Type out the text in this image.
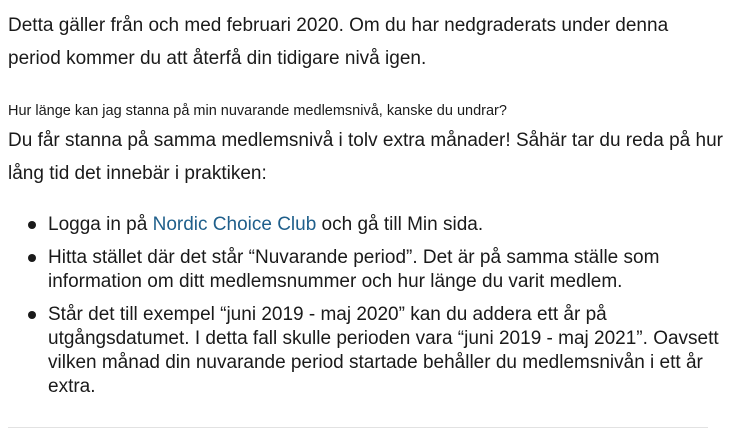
Detta gäller från och med februari 2020. Om du har nedgraderats under denna period kommer du att återfå din tidigare nivå igen.

Hur länge kan jag stanna på min nuvarande medlemsnivå, kanske du undrar?

Du får stanna på samma medlemsnivå i tolv extra månader! Såhär tar du reda på hur lång tid det innebär i praktiken:

Logga in på Nordic Choice Club och gå till Min sida.
Hitta stället där det står “Nuvarande period”. Det är på samma ställe som information om ditt medlemsnummer och hur länge du varit medlem.
Står det till exempel “juni 2019 - maj 2020” kan du addera ett år på utgångsdatumet. I detta fall skulle perioden vara “juni 2019 - maj 2021”. Oavsett vilken månad din nuvarande period startade behåller du medlemsnivån i ett år extra.
